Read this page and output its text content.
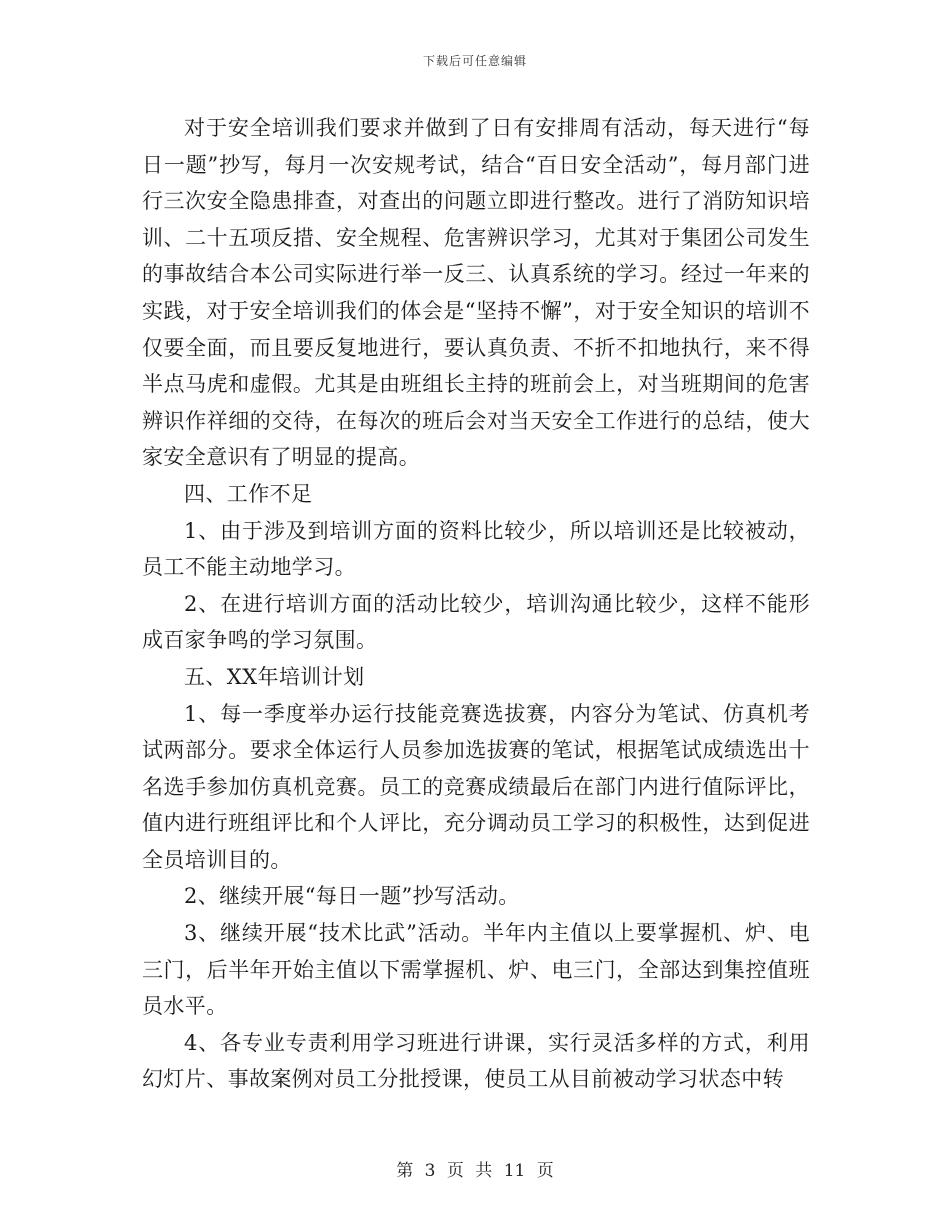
下载后可任意编辑

对于安全培训我们要求并做到了日有安排周有活动，每天进行“每日一题”抄写，每月一次安规考试，结合“百日安全活动”，每月部门进行三次安全隐患排查，对查出的问题立即进行整改。进行了消防知识培训、二十五项反措、安全规程、危害辨识学习，尤其对于集团公司发生的事故结合本公司实际进行举一反三、认真系统的学习。经过一年来的实践，对于安全培训我们的体会是“坚持不懈”，对于安全知识的培训不仅要全面，而且要反复地进行，要认真负责、不折不扣地执行，来不得半点马虎和虚假。尤其是由班组长主持的班前会上，对当班期间的危害辨识作祥细的交待，在每次的班后会对当天安全工作进行的总结，使大家安全意识有了明显的提高。

四、工作不足

1、由于涉及到培训方面的资料比较少，所以培训还是比较被动，员工不能主动地学习。

2、在进行培训方面的活动比较少，培训沟通比较少，这样不能形成百家争鸣的学习氛围。

五、XX年培训计划

1、每一季度举办运行技能竞赛选拔赛，内容分为笔试、仿真机考试两部分。要求全体运行人员参加选拔赛的笔试，根据笔试成绩选出十名选手参加仿真机竞赛。员工的竞赛成绩最后在部门内进行值际评比，值内进行班组评比和个人评比，充分调动员工学习的积极性，达到促进全员培训目的。

2、继续开展“每日一题”抄写活动。

3、继续开展“技术比武”活动。半年内主值以上要掌握机、炉、电三门，后半年开始主值以下需掌握机、炉、电三门，全部达到集控值班员水平。

4、各专业专责利用学习班进行讲课，实行灵活多样的方式，利用幻灯片、事故案例对员工分批授课，使员工从目前被动学习状态中转

第 3 页 共 11 页
